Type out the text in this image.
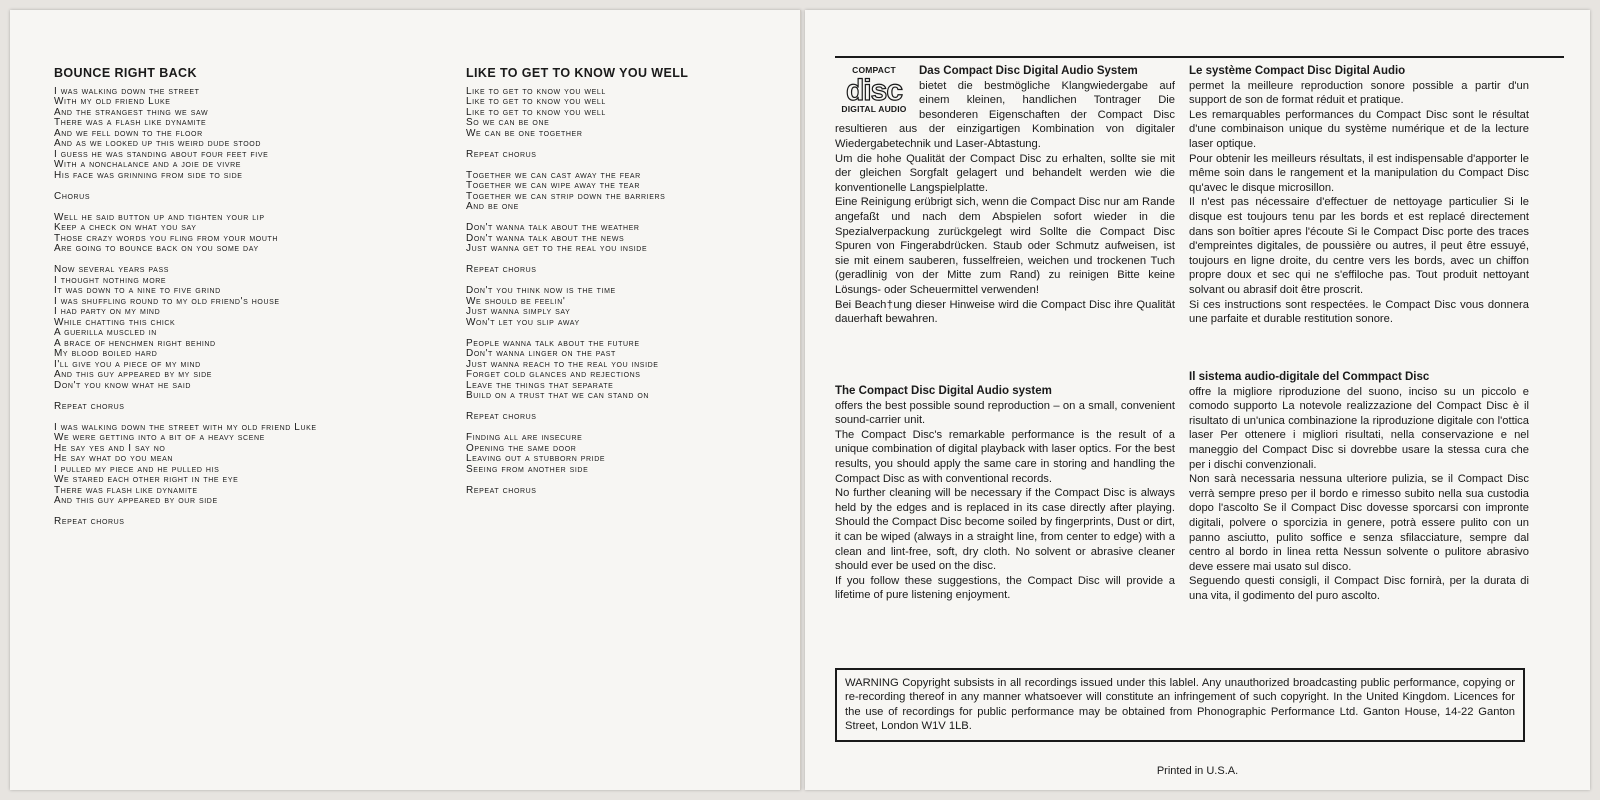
BOUNCE RIGHT BACK
I was walking down the street
With my old friend Luke
And the strangest thing we saw
There was a flash like dynamite
And we fell down to the floor
And as we looked up this weird dude stood
I guess he was standing about four feet five
With a nonchalance and a joie de vivre
His face was grinning from side to side
Chorus
Well he said button up and tighten your lip
Keep a check on what you say
Those crazy words you fling from your mouth
Are going to bounce back on you some day
Now several years pass
I thought nothing more
It was down to a nine to five grind
I was shuffling round to my old friend's house
I had party on my mind
While chatting this chick
A guerilla muscled in
A brace of henchmen right behind
My blood boiled hard
I'll give you a piece of my mind
And this guy appeared by my side
Don't you know what he said
Repeat chorus
I was walking down the street with my old friend Luke
We were getting into a bit of a heavy scene
He say yes and I say no
He say what do you mean
I pulled my piece and he pulled his
We stared each other right in the eye
There was flash like dynamite
And this guy appeared by our side
Repeat chorus
LIKE TO GET TO KNOW YOU WELL
Like to get to know you well
Like to get to know you well
Like to get to know you well
So we can be one
We can be one together
Repeat chorus
Together we can cast away the fear
Together we can wipe away the tear
Together we can strip down the barriers
And be one
Don't wanna talk about the weather
Don't wanna talk about the news
Just wanna get to the real you inside
Repeat chorus
Don't you think now is the time
We should be feelin'
Just wanna simply say
Won't let you slip away
People wanna talk about the future
Don't wanna linger on the past
Just wanna reach to the real you inside
Forget cold glances and rejections
Leave the things that separate
Build on a trust that we can stand on
Repeat chorus
Finding all are insecure
Opening the same door
Leaving out a stubborn pride
Seeing from another side
Repeat chorus
COMPACT
disc
DIGITAL AUDIO
Das Compact Disc Digital Audio System
bietet die bestmögliche Klangwiedergabe auf einem kleinen, handlichen Tontrager Die besonderen Eigenschaften der Compact Disc resultieren aus der einzigartigen Kombination von digitaler Wiedergabetechnik und Laser-Abtastung.
Um die hohe Qualität der Compact Disc zu erhalten, sollte sie mit der gleichen Sorgfalt gelagert und behandelt werden wie die konventionelle Langspielplatte.
Eine Reinigung erübrigt sich, wenn die Compact Disc nur am Rande angefaßt und nach dem Abspielen sofort wieder in die Spezialverpackung zurückgelegt wird Sollte die Compact Disc Spuren von Fingerabdrücken. Staub oder Schmutz aufweisen, ist sie mit einem sauberen, fusselfreien, weichen und trockenen Tuch (geradlinig von der Mitte zum Rand) zu reinigen Bitte keine Lösungs- oder Scheuermittel verwenden!
Bei Beach†ung dieser Hinweise wird die Compact Disc ihre Qualität dauerhaft bewahren.
Le système Compact Disc Digital Audio
permet la meilleure reproduction sonore possible a partir d'un support de son de format réduit et pratique.
Les remarquables performances du Compact Disc sont le résultat d'une combinaison unique du système numérique et de la lecture laser optique.
Pour obtenir les meilleurs résultats, il est indispensable d'apporter le même soin dans le rangement et la manipulation du Compact Disc qu'avec le disque microsillon.
Il n'est pas nécessaire d'effectuer de nettoyage particulier Si le disque est toujours tenu par les bords et est replacé directement dans son boîtier apres l'écoute Si le Compact Disc porte des traces d'empreintes digitales, de poussière ou autres, il peut être essuyé, toujours en ligne droite, du centre vers les bords, avec un chiffon propre doux et sec qui ne s'effiloche pas. Tout produit nettoyant solvant ou abrasif doit être proscrit.
Si ces instructions sont respectées. le Compact Disc vous donnera une parfaite et durable restitution sonore.
The Compact Disc Digital Audio system
offers the best possible sound reproduction – on a small, convenient sound-carrier unit.
The Compact Disc's remarkable performance is the result of a unique combination of digital playback with laser optics. For the best results, you should apply the same care in storing and handling the Compact Disc as with conventional records.
No further cleaning will be necessary if the Compact Disc is always held by the edges and is replaced in its case directly after playing. Should the Compact Disc become soiled by fingerprints, Dust or dirt, it can be wiped (always in a straight line, from center to edge) with a clean and lint-free, soft, dry cloth. No solvent or abrasive cleaner should ever be used on the disc.
If you follow these suggestions, the Compact Disc will provide a lifetime of pure listening enjoyment.
Il sistema audio-digitale del Commpact Disc
offre la migliore riproduzione del suono, inciso su un piccolo e comodo supporto La notevole realizzazione del Compact Disc è il risultato di un'unica combinazione la riproduzione digitale con l'ottica laser Per ottenere i migliori risultati, nella conservazione e nel maneggio del Compact Disc si dovrebbe usare la stessa cura che per i dischi convenzionali.
Non sarà necessaria nessuna ulteriore pulizia, se il Compact Disc verrà sempre preso per il bordo e rimesso subito nella sua custodia dopo l'ascolto Se il Compact Disc dovesse sporcarsi con impronte digitali, polvere o sporcizia in genere, potrà essere pulito con un panno asciutto, pulito soffice e senza sfilacciature, sempre dal centro al bordo in linea retta Nessun solvente o pulitore abrasivo deve essere mai usato sul disco.
Seguendo questi consigli, il Compact Disc fornirà, per la durata di una vita, il godimento del puro ascolto.
WARNING Copyright subsists in all recordings issued under this lablel. Any unauthorized broadcasting public performance, copying or re-recording thereof in any manner whatsoever will constitute an infringement of such copyright. In the United Kingdom. Licences for the use of recordings for public performance may be obtained from Phonographic Performance Ltd. Ganton House, 14-22 Ganton Street, London W1V 1LB.
Printed in U.S.A.
